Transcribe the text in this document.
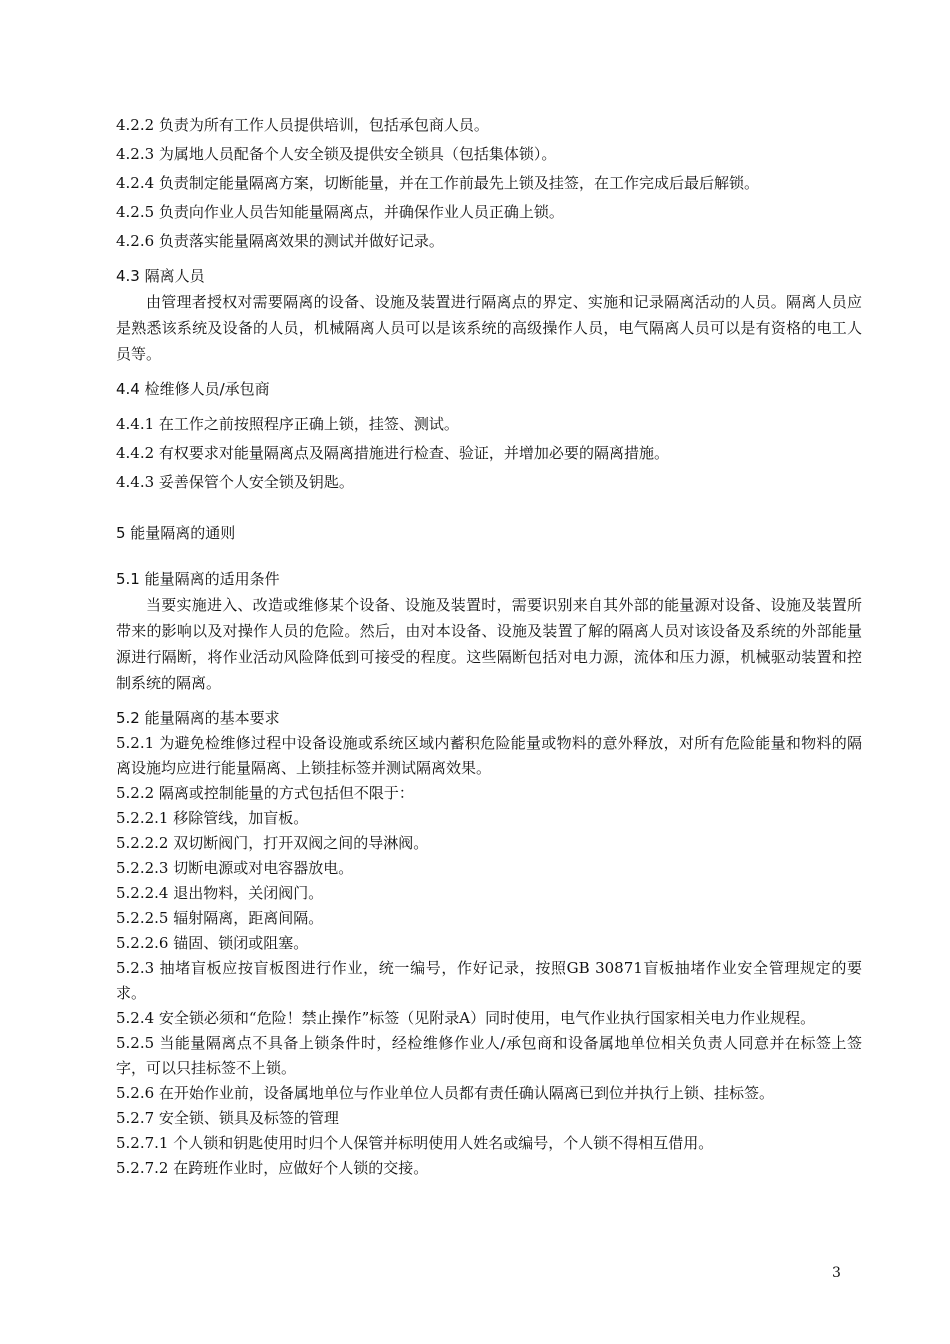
4.2.2 负责为所有工作人员提供培训，包括承包商人员。

4.2.3 为属地人员配备个人安全锁及提供安全锁具（包括集体锁）。

4.2.4 负责制定能量隔离方案，切断能量，并在工作前最先上锁及挂签，在工作完成后最后解锁。

4.2.5 负责向作业人员告知能量隔离点，并确保作业人员正确上锁。

4.2.6 负责落实能量隔离效果的测试并做好记录。

4.3 隔离人员

由管理者授权对需要隔离的设备、设施及装置进行隔离点的界定、实施和记录隔离活动的人员。隔离人员应是熟悉该系统及设备的人员，机械隔离人员可以是该系统的高级操作人员，电气隔离人员可以是有资格的电工人员等。

4.4 检维修人员/承包商

4.4.1 在工作之前按照程序正确上锁，挂签、测试。

4.4.2 有权要求对能量隔离点及隔离措施进行检查、验证，并增加必要的隔离措施。

4.4.3 妥善保管个人安全锁及钥匙。

5 能量隔离的通则

5.1 能量隔离的适用条件

当要实施进入、改造或维修某个设备、设施及装置时，需要识别来自其外部的能量源对设备、设施及装置所带来的影响以及对操作人员的危险。然后，由对本设备、设施及装置了解的隔离人员对该设备及系统的外部能量源进行隔断，将作业活动风险降低到可接受的程度。这些隔断包括对电力源，流体和压力源，机械驱动装置和控制系统的隔离。

5.2 能量隔离的基本要求

5.2.1 为避免检维修过程中设备设施或系统区域内蓄积危险能量或物料的意外释放，对所有危险能量和物料的隔离设施均应进行能量隔离、上锁挂标签并测试隔离效果。

5.2.2 隔离或控制能量的方式包括但不限于：

5.2.2.1 移除管线，加盲板。

5.2.2.2 双切断阀门，打开双阀之间的导淋阀。

5.2.2.3 切断电源或对电容器放电。

5.2.2.4 退出物料，关闭阀门。

5.2.2.5 辐射隔离，距离间隔。

5.2.2.6 锚固、锁闭或阻塞。

5.2.3 抽堵盲板应按盲板图进行作业，统一编号，作好记录，按照GB 30871盲板抽堵作业安全管理规定的要求。

5.2.4 安全锁必须和“危险！禁止操作”标签（见附录A）同时使用，电气作业执行国家相关电力作业规程。

5.2.5 当能量隔离点不具备上锁条件时，经检维修作业人/承包商和设备属地单位相关负责人同意并在标签上签字，可以只挂标签不上锁。

5.2.6 在开始作业前，设备属地单位与作业单位人员都有责任确认隔离已到位并执行上锁、挂标签。

5.2.7 安全锁、锁具及标签的管理

5.2.7.1 个人锁和钥匙使用时归个人保管并标明使用人姓名或编号，个人锁不得相互借用。

5.2.7.2 在跨班作业时，应做好个人锁的交接。

3
